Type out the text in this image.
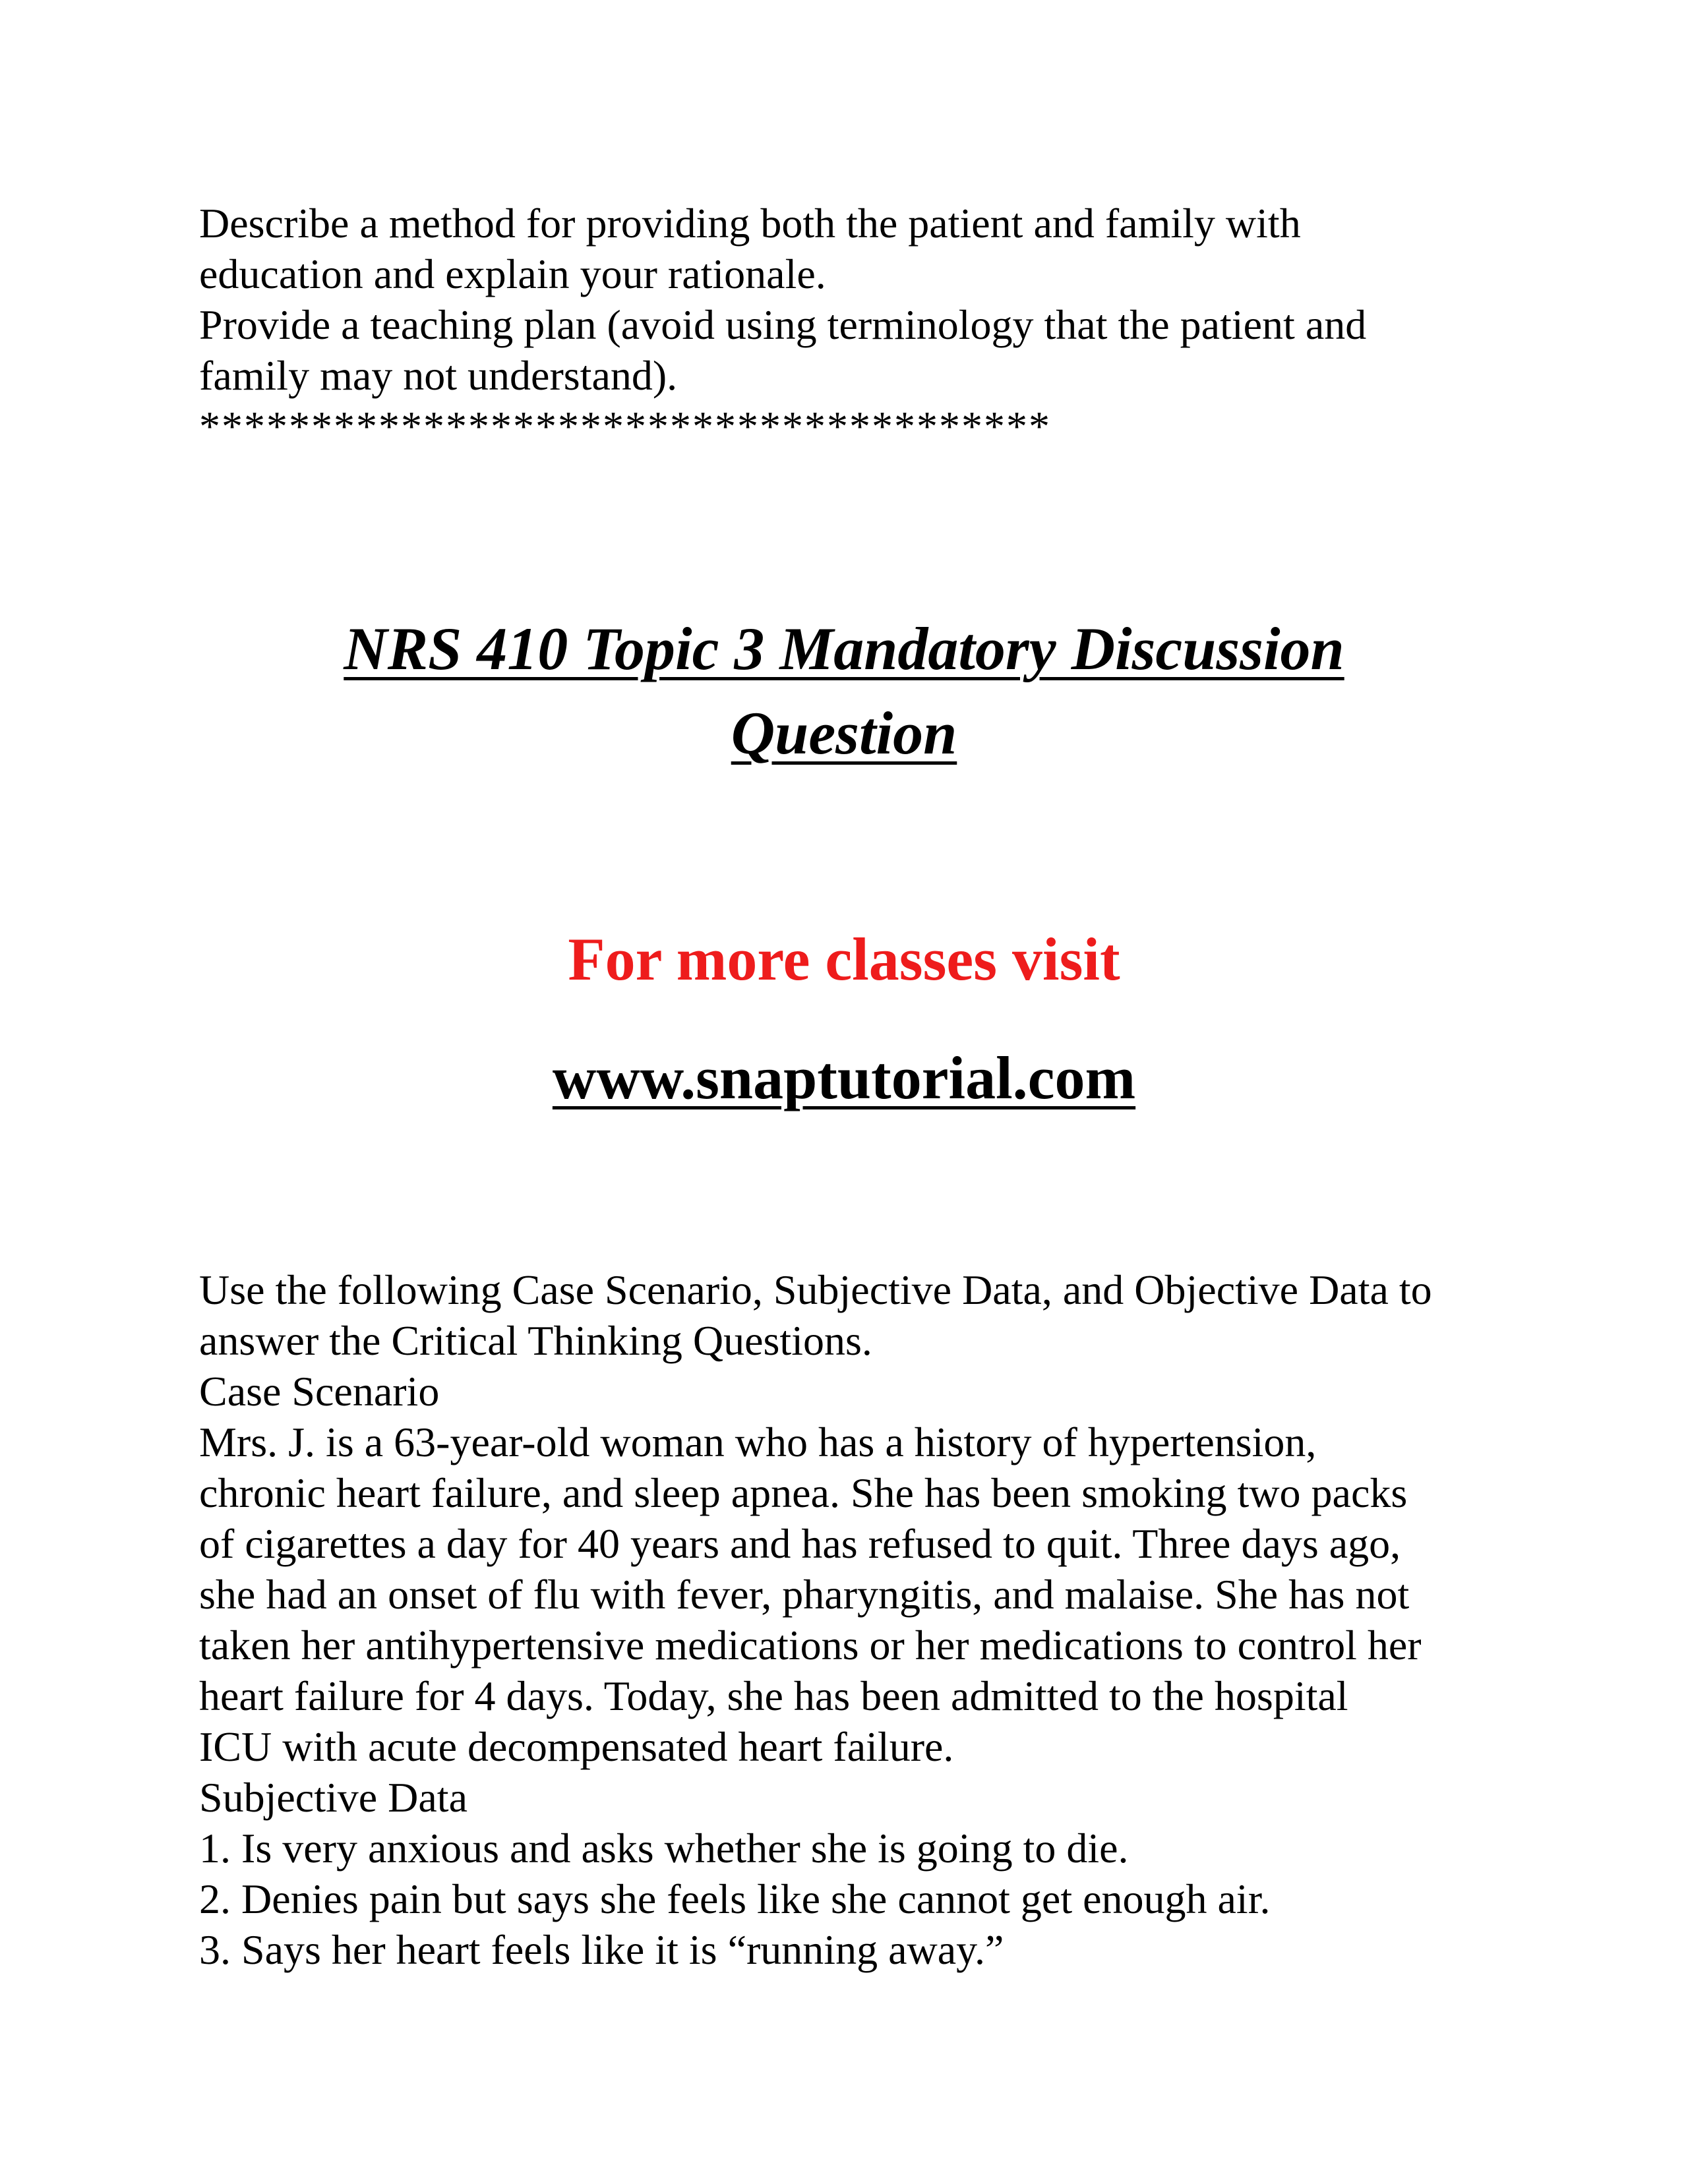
Describe a method for providing both the patient and family with

education and explain your rationale.

Provide a teaching plan (avoid using terminology that the patient and

family may not understand).

**************************************

NRS 410 Topic 3 Mandatory Discussion
Question

For more classes visit

www.snaptutorial.com

Use the following Case Scenario, Subjective Data, and Objective Data to

answer the Critical Thinking Questions.

Case Scenario

Mrs. J. is a 63-year-old woman who has a history of hypertension,

chronic heart failure, and sleep apnea. She has been smoking two packs

of cigarettes a day for 40 years and has refused to quit. Three days ago,

she had an onset of flu with fever, pharyngitis, and malaise. She has not

taken her antihypertensive medications or her medications to control her

heart failure for 4 days. Today, she has been admitted to the hospital

ICU with acute decompensated heart failure.

Subjective Data

1. Is very anxious and asks whether she is going to die.

2. Denies pain but says she feels like she cannot get enough air.

3. Says her heart feels like it is “running away.”
